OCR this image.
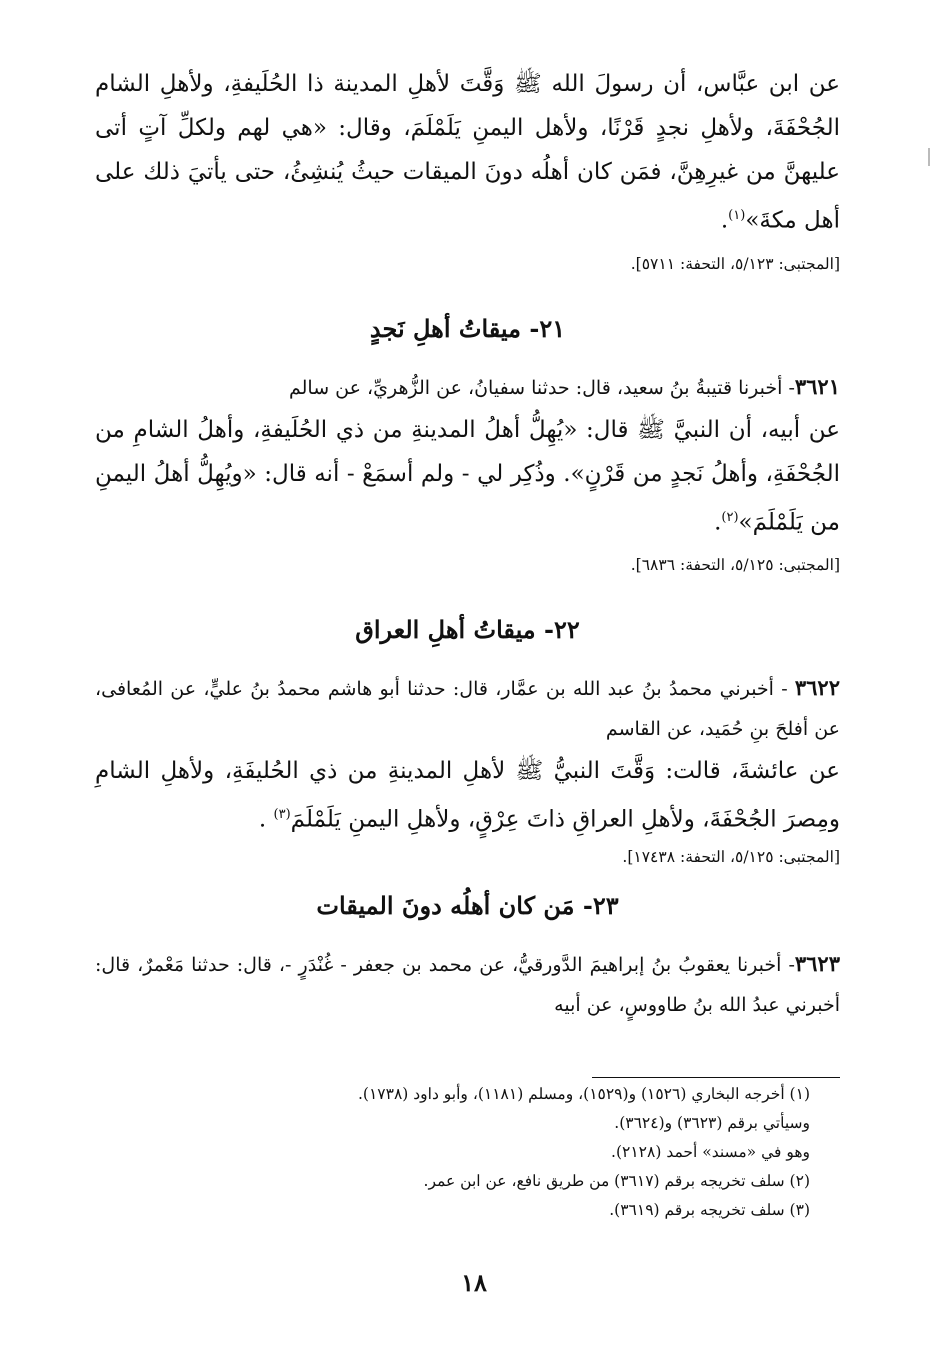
عن ابن عبَّاس، أن رسولَ الله ﷺ وَقَّتَ لأهلِ المدينة ذا الحُلَيفةِ، ولأهلِ الشام الجُحْفَةَ، ولأهلِ نجدٍ قَرْنًا، ولأهل اليمنِ يَلَمْلَمَ، وقال: «هي لهم ولكلِّ آتٍ أتى عليهنَّ من غيرِهِنَّ، فمَن كان أهلُه دونَ الميقات حيثُ يُنشِئُ، حتى يأتيَ ذلك على أهل مكةَ»$^{(١)}$.

[المجتبى: ٥/١٢٣، التحفة: ٥٧١١].
٢١- ميقاتُ أهلِ نَجدٍ

٣٦٢١- أخبرنا قتيبةُ بنُ سعيد، قال: حدثنا سفيانُ، عن الزُّهريِّ، عن سالم

عن أبيه، أن النبيَّ ﷺ قال: «يُهِلُّ أهلُ المدينةِ من ذي الحُلَيفةِ، وأهلُ الشامِ من الجُحْفَةِ، وأهلُ نَجدٍ من قَرْنٍ». وذُكِر لي - ولم أسمَعْ - أنه قال: «ويُهِلُّ أهلُ اليمنِ من يَلَمْلَمَ»$^{(٢)}$.

[المجتبى: ٥/١٢٥، التحفة: ٦٨٣٦].
٢٢- ميقاتُ أهلِ العراق

٣٦٢٢ - أخبرني محمدُ بنُ عبد الله بن عمَّار، قال: حدثنا أبو هاشم محمدُ بنُ عليٍّ، عن المُعافى، عن أفلحَ بنِ حُمَيد، عن القاسم

عن عائشةَ، قالت: وَقَّتَ النبيُّ ﷺ لأهلِ المدينةِ من ذي الحُليفَةِ، ولأهلِ الشامِ ومِصرَ الجُحْفَةَ، ولأهلِ العراقِ ذاتَ عِرْقٍ، ولأهلِ اليمنِ يَلَمْلَمَ$^{(٣)}$ .

[المجتبى: ٥/١٢٥، التحفة: ١٧٤٣٨].
٢٣- مَن كان أهلُه دونَ الميقات

٣٦٢٣- أخبرنا يعقوبُ بنُ إبراهيمَ الدَّورقيُّ، عن محمد بن جعفر - غُنْدَرٍ -، قال: حدثنا مَعْمرٌ، قال: أخبرني عبدُ الله بنُ طاووسٍ، عن أبيه

(١) أخرجه البخاري (١٥٢٦) و(١٥٢٩)، ومسلم (١١٨١)، وأبو داود (١٧٣٨).
وسيأتي برقم (٣٦٢٣) و(٣٦٢٤).
وهو في «مسند» أحمد (٢١٢٨).
(٢) سلف تخريجه برقم (٣٦١٧) من طريق نافع، عن ابن عمر.
(٣) سلف تخريجه برقم (٣٦١٩).
١٨
